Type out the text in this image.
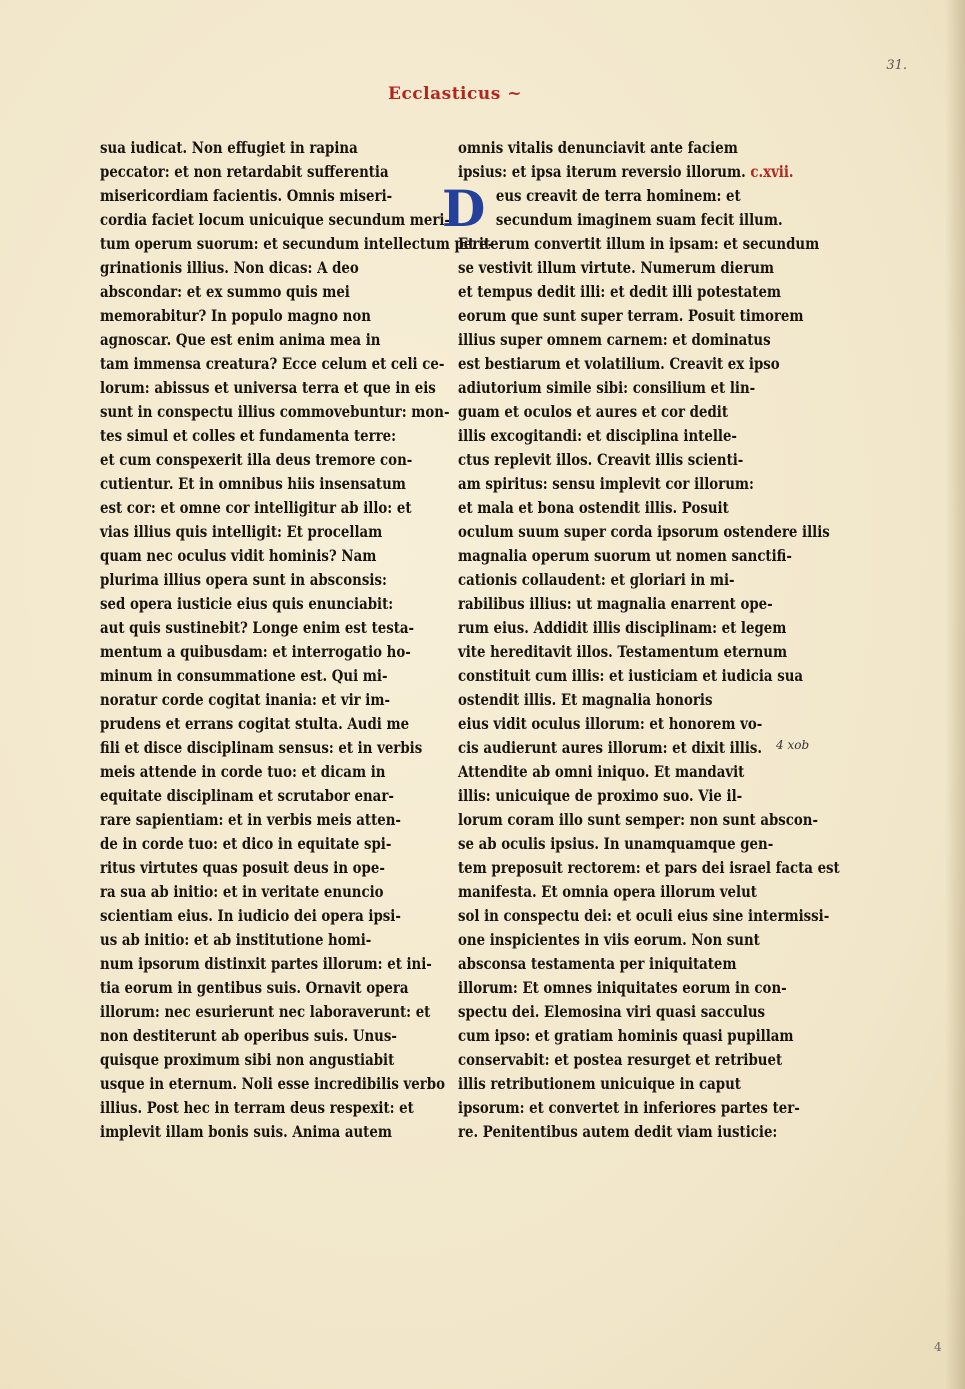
31.
Ecclasticus ~
sua iudicat. Non effugiet in rapina
peccator: et non retardabit sufferentia
misericordiam facientis. Omnis miseri-
cordia faciet locum unicuique secundum meri-
tum operum suorum: et secundum intellectum pere-
grinationis illius. Non dicas: A deo
abscondar: et ex summo quis mei
memorabitur? In populo magno non
agnoscar. Que est enim anima mea in
tam immensa creatura? Ecce celum et celi ce-
lorum: abissus et universa terra et que in eis
sunt in conspectu illius commovebuntur: mon-
tes simul et colles et fundamenta terre:
et cum conspexerit illa deus tremore con-
cutientur. Et in omnibus hiis insensatum
est cor: et omne cor intelligitur ab illo: et
vias illius quis intelligit: Et procellam
quam nec oculus vidit hominis? Nam
plurima illius opera sunt in absconsis:
sed opera iusticie eius quis enunciabit:
aut quis sustinebit? Longe enim est testa-
mentum a quibusdam: et interrogatio ho-
minum in consummatione est. Qui mi-
noratur corde cogitat inania: et vir im-
prudens et errans cogitat stulta. Audi me
fili et disce disciplinam sensus: et in verbis
meis attende in corde tuo: et dicam in
equitate disciplinam et scrutabor enar-
rare sapientiam: et in verbis meis atten-
de in corde tuo: et dico in equitate spi-
ritus virtutes quas posuit deus in ope-
ra sua ab initio: et in veritate enuncio
scientiam eius. In iudicio dei opera ipsi-
us ab initio: et ab institutione homi-
num ipsorum distinxit partes illorum: et ini-
tia eorum in gentibus suis. Ornavit opera
illorum: nec esurierunt nec laboraverunt: et
non destiterunt ab operibus suis. Unus-
quisque proximum sibi non angustiabit
usque in eternum. Noli esse incredibilis verbo
illius. Post hec in terram deus respexit: et
implevit illam bonis suis. Anima autem
D
omnis vitalis denunciavit ante faciem
ipsius: et ipsa iterum reversio illorum. c.xvii.
eus creavit de terra hominem: et
secundum imaginem suam fecit illum.
Et iterum convertit illum in ipsam: et secundum
se vestivit illum virtute. Numerum dierum
et tempus dedit illi: et dedit illi potestatem
eorum que sunt super terram. Posuit timorem
illius super omnem carnem: et dominatus
est bestiarum et volatilium. Creavit ex ipso
adiutorium simile sibi: consilium et lin-
guam et oculos et aures et cor dedit
illis excogitandi: et disciplina intelle-
ctus replevit illos. Creavit illis scienti-
am spiritus: sensu implevit cor illorum:
et mala et bona ostendit illis. Posuit
oculum suum super corda ipsorum ostendere illis
magnalia operum suorum ut nomen sanctifi-
cationis collaudent: et gloriari in mi-
rabilibus illius: ut magnalia enarrent ope-
rum eius. Addidit illis disciplinam: et legem
vite hereditavit illos. Testamentum eternum
constituit cum illis: et iusticiam et iudicia sua
ostendit illis. Et magnalia honoris
eius vidit oculus illorum: et honorem vo-
cis audierunt aures illorum: et dixit illis.
Attendite ab omni iniquo. Et mandavit
illis: unicuique de proximo suo. Vie il-
lorum coram illo sunt semper: non sunt abscon-
se ab oculis ipsius. In unamquamque gen-
tem preposuit rectorem: et pars dei israel facta est
manifesta. Et omnia opera illorum velut
sol in conspectu dei: et oculi eius sine intermissi-
one inspicientes in viis eorum. Non sunt
absconsa testamenta per iniquitatem
illorum: Et omnes iniquitates eorum in con-
spectu dei. Elemosina viri quasi sacculus
cum ipso: et gratiam hominis quasi pupillam
conservabit: et postea resurget et retribuet
illis retributionem unicuique in caput
ipsorum: et convertet in inferiores partes ter-
re. Penitentibus autem dedit viam iusticie:
4 xob
4
